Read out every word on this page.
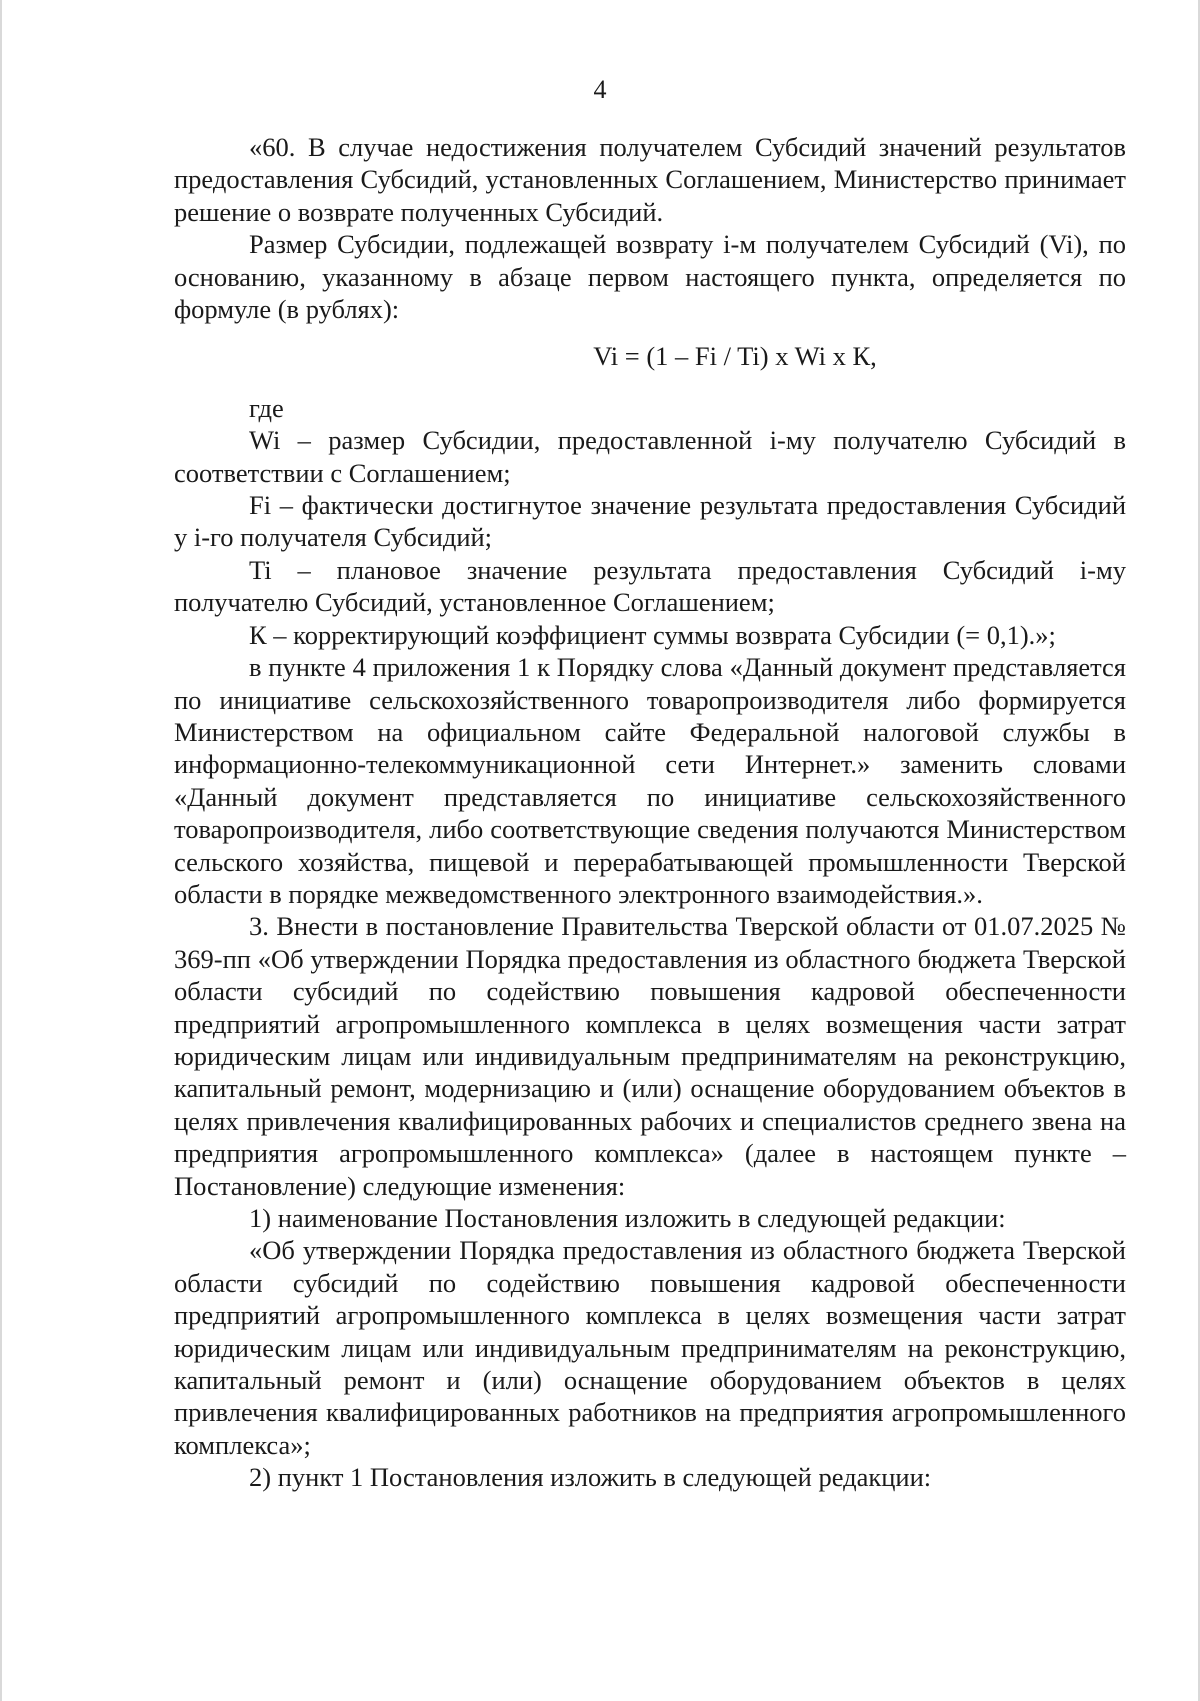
4

«60. В случае недостижения получателем Субсидий значений результатов предоставления Субсидий, установленных Соглашением, Министерство принимает решение о возврате полученных Субсидий.

Размер Субсидии, подлежащей возврату i-м получателем Субсидий (Vi), по основанию, указанному в абзаце первом настоящего пункта, определяется по формуле (в рублях):

Vi = (1 – Fi / Ti) x Wi x К,

где

Wi – размер Субсидии, предоставленной i-му получателю Субсидий в соответствии с Соглашением;

Fi – фактически достигнутое значение результата предоставления Субсидий у i-го получателя Субсидий;

Ti – плановое значение результата предоставления Субсидий i-му получателю Субсидий, установленное Соглашением;

К – корректирующий коэффициент суммы возврата Субсидии (= 0,1).»;

в пункте 4 приложения 1 к Порядку слова «Данный документ представляется по инициативе сельскохозяйственного товаропроизводителя либо формируется Министерством на официальном сайте Федеральной налоговой службы в информационно-телекоммуникационной сети Интернет.» заменить словами «Данный документ представляется по инициативе сельскохозяйственного товаропроизводителя, либо соответствующие сведения получаются Министерством сельского хозяйства, пищевой и перерабатывающей промышленности Тверской области в порядке межведомственного электронного взаимодействия.».

3. Внести в постановление Правительства Тверской области от 01.07.2025 № 369-пп «Об утверждении Порядка предоставления из областного бюджета Тверской области субсидий по содействию повышения кадровой обеспеченности предприятий агропромышленного комплекса в целях возмещения части затрат юридическим лицам или индивидуальным предпринимателям на реконструкцию, капитальный ремонт, модернизацию и (или) оснащение оборудованием объектов в целях привлечения квалифицированных рабочих и специалистов среднего звена на предприятия агропромышленного комплекса» (далее в настоящем пункте – Постановление) следующие изменения:

1) наименование Постановления изложить в следующей редакции:

«Об утверждении Порядка предоставления из областного бюджета Тверской области субсидий по содействию повышения кадровой обеспеченности предприятий агропромышленного комплекса в целях возмещения части затрат юридическим лицам или индивидуальным предпринимателям на реконструкцию, капитальный ремонт и (или) оснащение оборудованием объектов в целях привлечения квалифицированных работников на предприятия агропромышленного комплекса»;

2) пункт 1 Постановления изложить в следующей редакции:
